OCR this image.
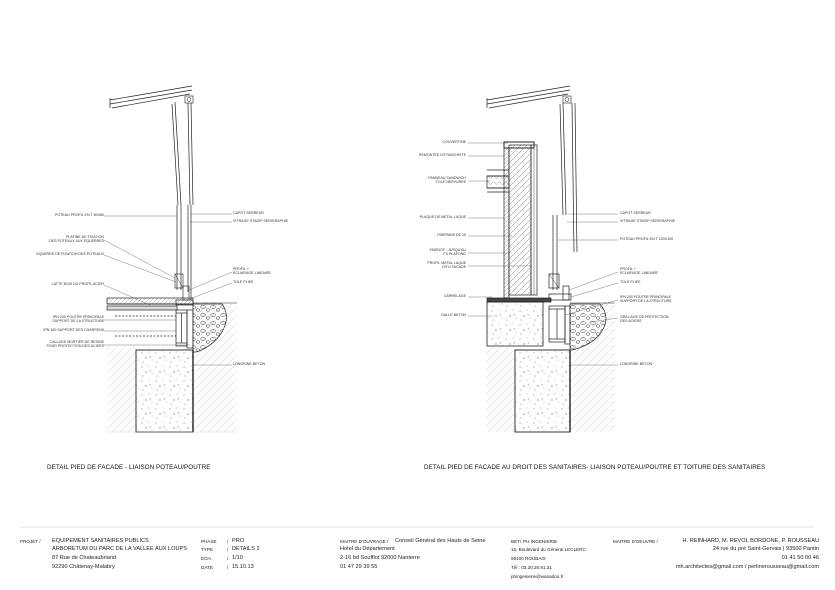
POTEAU PROFIL EN T 80X80
PLATINE DE FIXATION
DES POTEAUX AUX EQUERRES
EQUERRE DE FIXATION DES POTEAUX
LATTE BOIS DU PROFIL ACIER
IPN 200 POUTRE PRINCIPALE
SUPPORT DE LA STRUCTURE
IPN 160 SUPPORT DES CHARPENS
CALLAGE MORTIER DE RESINE
POUR PROTECTION DES ACIERS
CAPOT SERREUR
VITRAGE STADIP SERIGRAPHIE
PROFIL +
ECLAIRAGE LINEAIRE
TOLE PLIEE
LONGRINE BETON
DETAIL PIED DE FACADE - LIAISON POTEAU/POUTRE
COUVERTINE
REMONTEE D'ETANCHEITE
PANNEAU SANDWICH
TOLE NERVUREE
PLAQUE DE METAL LAQUE
PARPAINS DE 15
FAIENCE - JUSQU'AU
FX PLAFOND
PROFIL METAL LAQUE
DITO FACADE
CARRELAGE
DALLE BETON
CAPOT SERREUR
VITRAGE STADIP SERIGRAPHIE
POTEAU PROFIL EN T 100X100
PROFIL +
ECLAIRAGE LINEAIRE
TOLE PLIEE
IPN 200 POUTRE PRINCIPALE
SUPPORT DE LA STRUCTURE
GRILLAGE DE PROTECTION
DES ACIERS
LONGRINE BETON
DETAIL PIED DE FACADE AU DROIT DES SANITAIRES- LIAISON POTEAU/POUTRE ET TOITURE DES SANITAIRES
PROJET / EQUIPEMENT SANITAIRES PUBLICS
ARBORETUM DU PARC DE LA VALLEE AUX LOUPS
87 Rue de Chateaubriand
92290 Châtenay-Malabry
PHASE / PRO
TYPE	/ DETAILS 2
ECH.	/ 1/10
DATE	/ 15.10.13
MAITRE D'OUVRAGE / Conseil Général des Hauts de Seine
Hotel du Département
2-16 bd Soufflot 92000 Nanterre
01 47 29 39 55
BET/ PH INGENIERIE
15, Boulevard du Général LECLERC
59100 ROUBAIX
Tél : 03.20.26.91.31
phingenierie@wanadoo.fr
MAITRE D'OEUVRE /	H. REINHARD, M. REVOL BORDONE, P. ROUSSEAU
24 rue du pré Saint-Gervais | 93500 Pantin
01 41 50 00 46
mh.architectes@gmail.com / perlinerousseau@gmail.com
